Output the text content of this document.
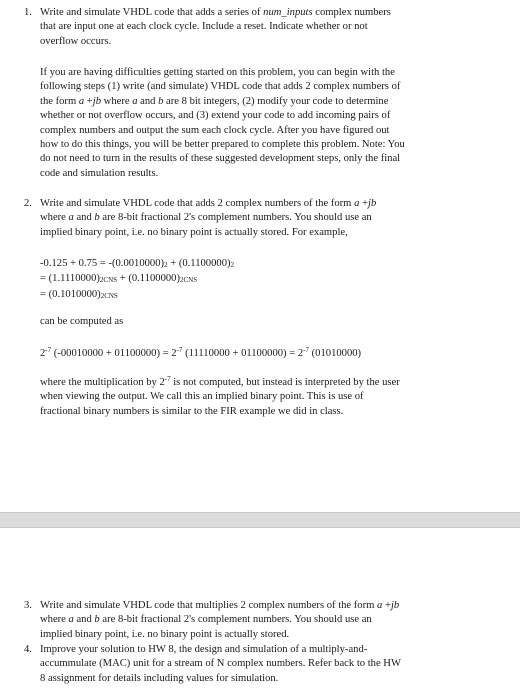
1. Write and simulate VHDL code that adds a series of num_inputs complex numbers
that are input one at each clock cycle. Include a reset. Indicate whether or not
overflow occurs.
If you are having difficulties getting started on this problem, you can begin with the
following steps (1) write (and simulate) VHDL code that adds 2 complex numbers of
the form a +jb where a and b are 8 bit integers, (2) modify your code to determine
whether or not overflow occurs, and (3) extend your code to add incoming pairs of
complex numbers and output the sum each clock cycle. After you have figured out
how to do this things, you will be better prepared to complete this problem. Note: You
do not need to turn in the results of these suggested development steps, only the final
code and simulation results.
2. Write and simulate VHDL code that adds 2 complex numbers of the form a +jb
where a and b are 8-bit fractional 2's complement numbers. You should use an
implied binary point, i.e. no binary point is actually stored. For example,
-0.125 + 0.75 = -(0.0010000)2 + (0.1100000)2
= (1.1110000)2CNS + (0.1100000)2CNS
= (0.1010000)2CNS
can be computed as
$2^{-7}$ $(-00010000 + 01100000) = 2^{-7}$ $(11110000 + 01100000) = 2^{-7}$ (01010000)
where the multiplication by $2^{-7}$ is not computed, but instead is interpreted by the user
when viewing the output. We call this an implied binary point. This is use of
fractional binary numbers is similar to the FIR example we did in class.
3. Write and simulate VHDL code that multiplies 2 complex numbers of the form a +jb
where a and b are 8-bit fractional 2's complement numbers. You should use an
implied binary point, i.e. no binary point is actually stored.
4. Improve your solution to HW 8, the design and simulation of a multiply-and-
accummulate (MAC) unit for a stream of N complex numbers. Refer back to the HW
8 assignment for details including values for simulation.
